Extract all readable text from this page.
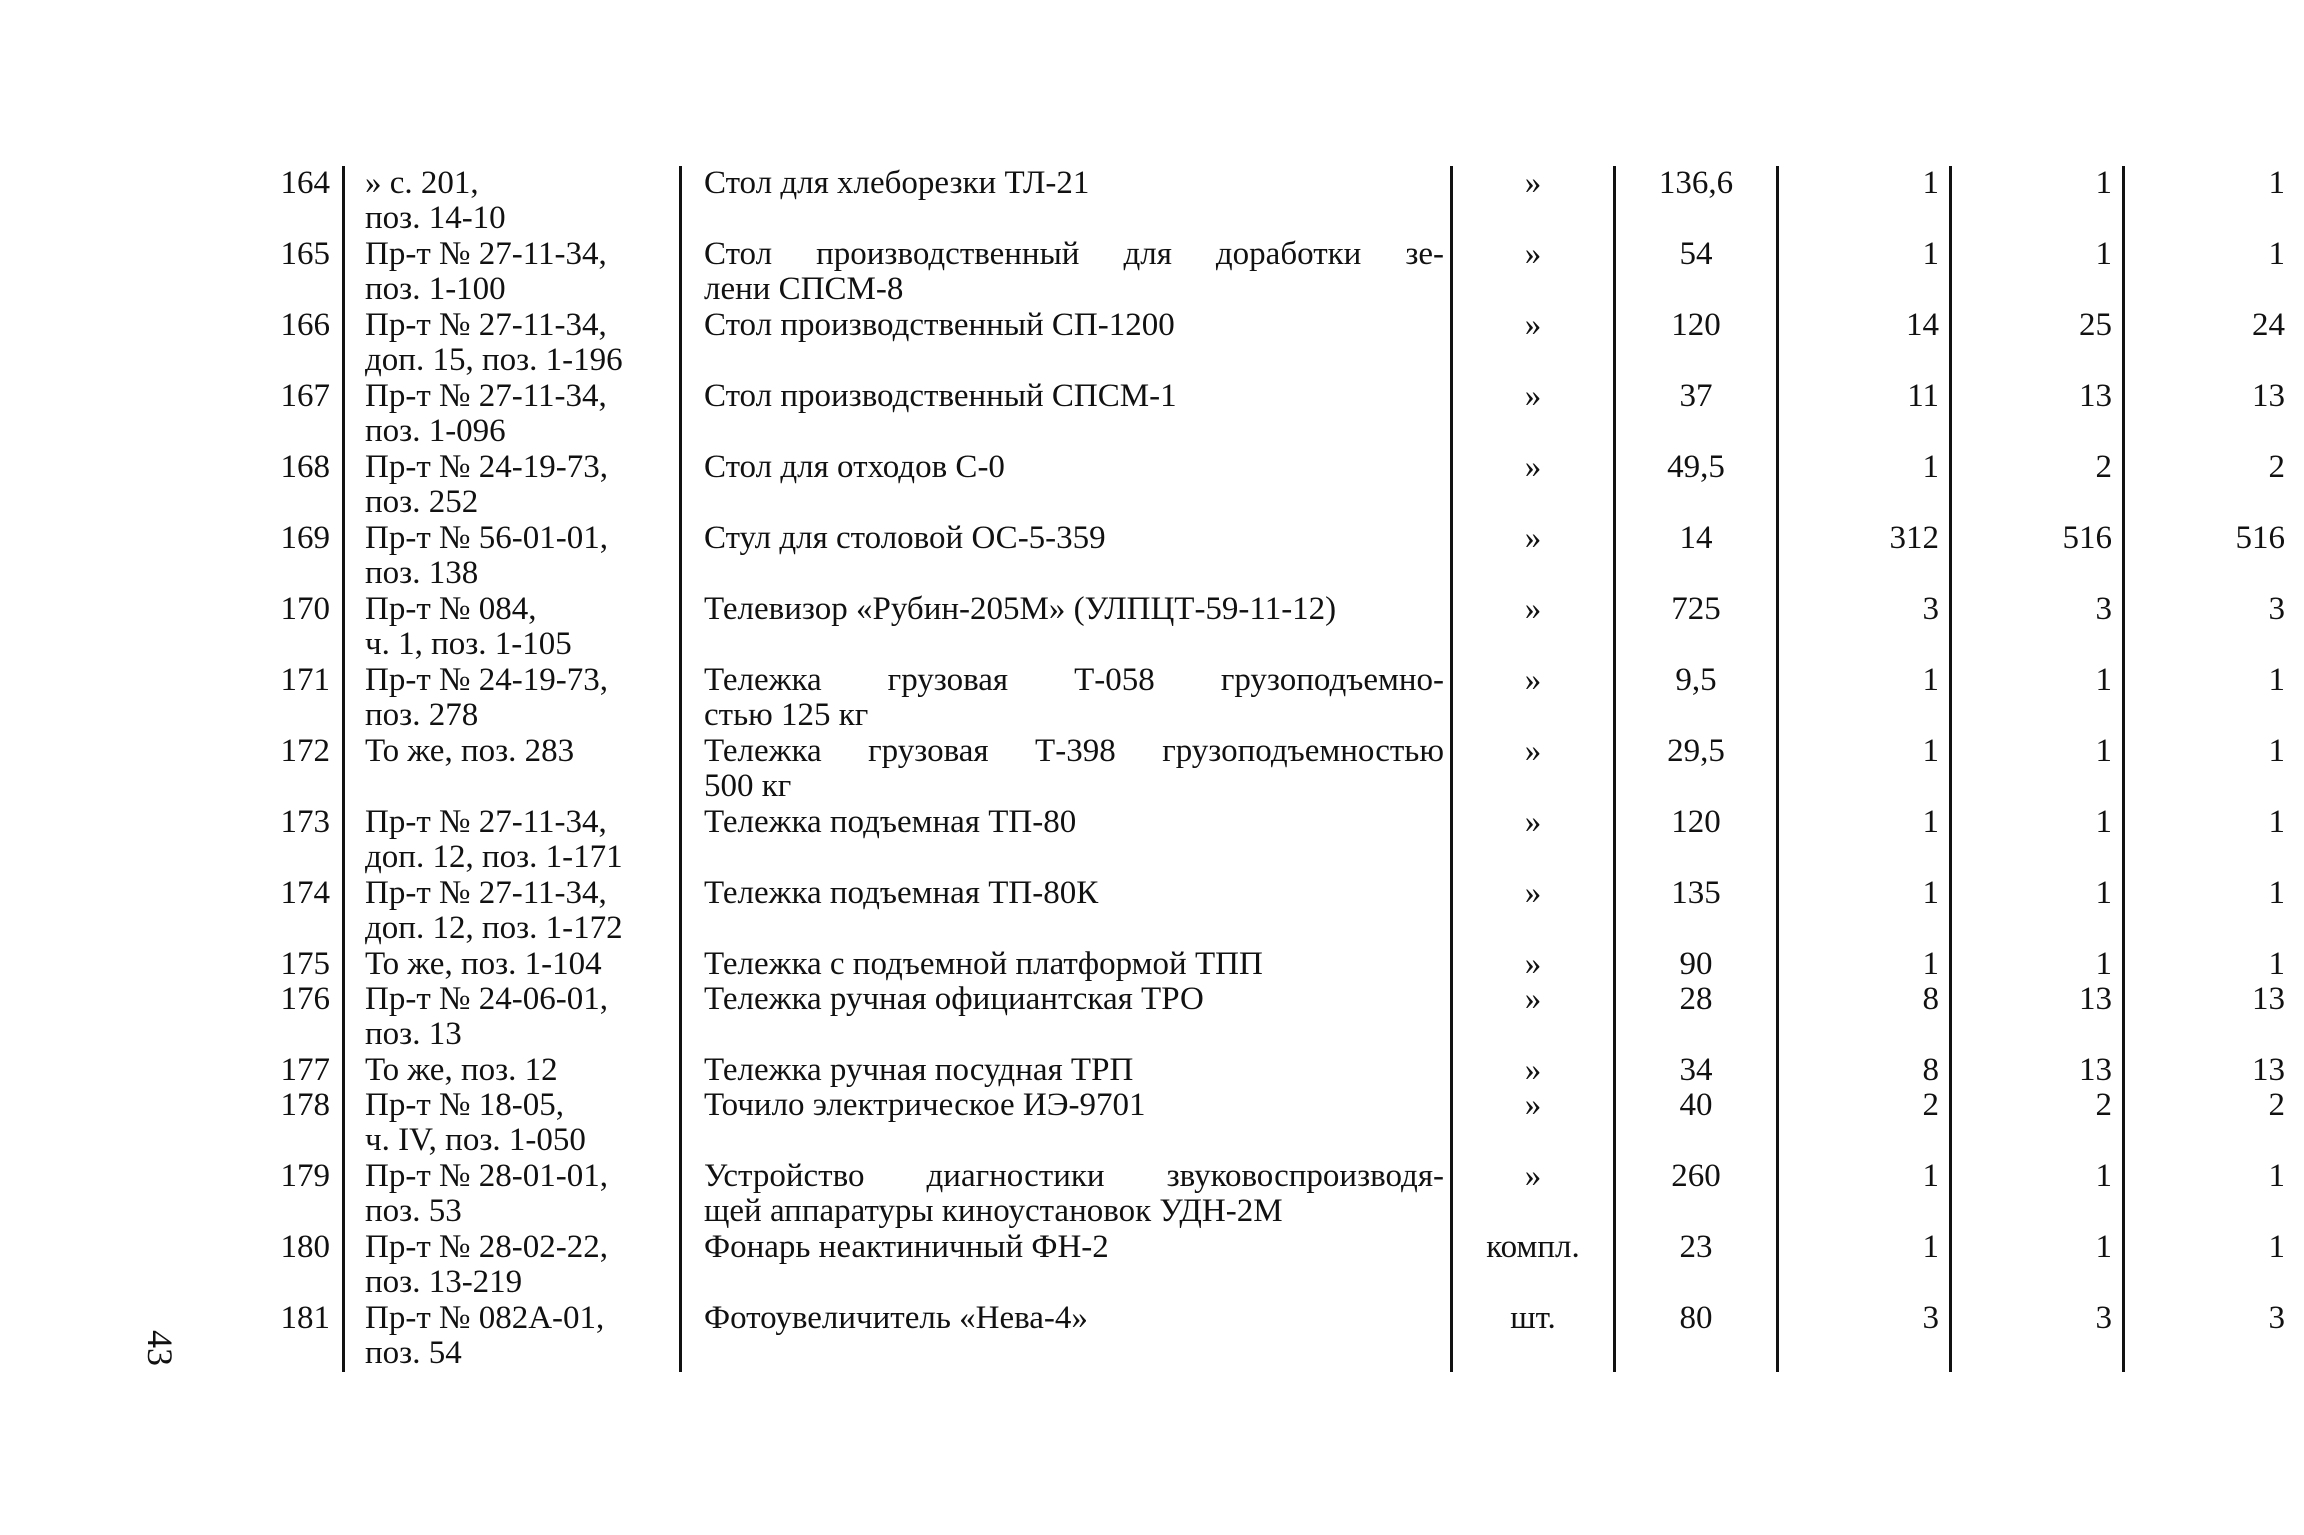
43
164	» с. 201,
поз. 14-10	Стол для хлеборезки ТЛ-21	»	136,6	1	1	1

165	Пр-т № 27-11-34,
поз. 1-100	Стол производственный для доработки зе-
лени СПСМ-8	»	54	1	1	1

166	Пр-т № 27-11-34,
доп. 15, поз. 1-196	Стол производственный СП-1200	»	120	14	25	24

167	Пр-т № 27-11-34,
поз. 1-096	Стол производственный СПСМ-1	»	37	11	13	13

168	Пр-т № 24-19-73,
поз. 252	Стол для отходов С-0	»	49,5	1	2	2

169	Пр-т № 56-01-01,
поз. 138	Стул для столовой ОС-5-359	»	14	312	516	516

170	Пр-т № 084,
ч. 1, поз. 1-105	Телевизор «Рубин-205М» (УЛПЦТ-59-11-12)	»	725	3	3	3

171	Пр-т № 24-19-73,
поз. 278	Тележка грузовая Т-058 грузоподъемно-
стью 125 кг	»	9,5	1	1	1

172	То же, поз. 283	Тележка грузовая Т-398 грузоподъемностью
500 кг	»	29,5	1	1	1

173	Пр-т № 27-11-34,
доп. 12, поз. 1-171	Тележка подъемная ТП-80	»	120	1	1	1

174	Пр-т № 27-11-34,
доп. 12, поз. 1-172	Тележка подъемная ТП-80К	»	135	1	1	1

175	То же, поз. 1-104	Тележка с подъемной платформой ТПП	»	90	1	1	1

176	Пр-т № 24-06-01,
поз. 13	Тележка ручная официантская ТРО	»	28	8	13	13

177	То же, поз. 12	Тележка ручная посудная ТРП	»	34	8	13	13

178	Пр-т № 18-05,
ч. IV, поз. 1-050	Точило электрическое ИЭ-9701	»	40	2	2	2

179	Пр-т № 28-01-01,
поз. 53	Устройство диагностики звуковоспроизводя-
щей аппаратуры киноустановок УДН-2М	»	260	1	1	1

180	Пр-т № 28-02-22,
поз. 13-219	Фонарь неактиничный ФН-2	компл.	23	1	1	1

181	Пр-т № 082А-01,
поз. 54	Фотоувеличитель «Нева-4»	шт.	80	3	3	3
